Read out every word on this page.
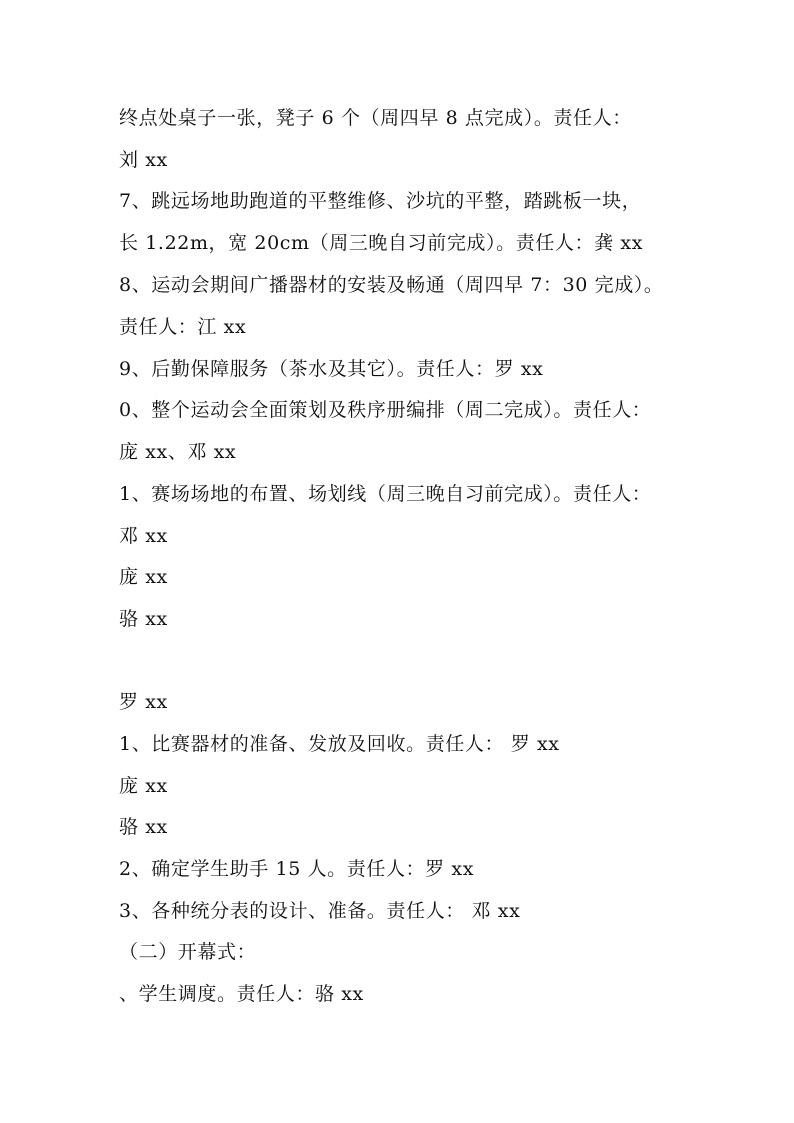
终点处桌子一张，凳子 6 个（周四早 8 点完成）。责任人：
刘 xx
7、跳远场地助跑道的平整维修、沙坑的平整，踏跳板一块，
长 1.22m，宽 20cm（周三晚自习前完成）。责任人：龚 xx
8、运动会期间广播器材的安装及畅通（周四早 7：30 完成）。
责任人：江 xx
9、后勤保障服务（茶水及其它）。责任人：罗 xx
0、整个运动会全面策划及秩序册编排（周二完成）。责任人：
庞 xx、邓 xx
1、赛场场地的布置、场划线（周三晚自习前完成）。责任人：
邓 xx
庞 xx
骆 xx
罗 xx
1、比赛器材的准备、发放及回收。责任人： 罗 xx
庞 xx
骆 xx
2、确定学生助手 15 人。责任人：罗 xx
3、各种统分表的设计、准备。责任人： 邓 xx
（二）开幕式：
、学生调度。责任人：骆 xx
